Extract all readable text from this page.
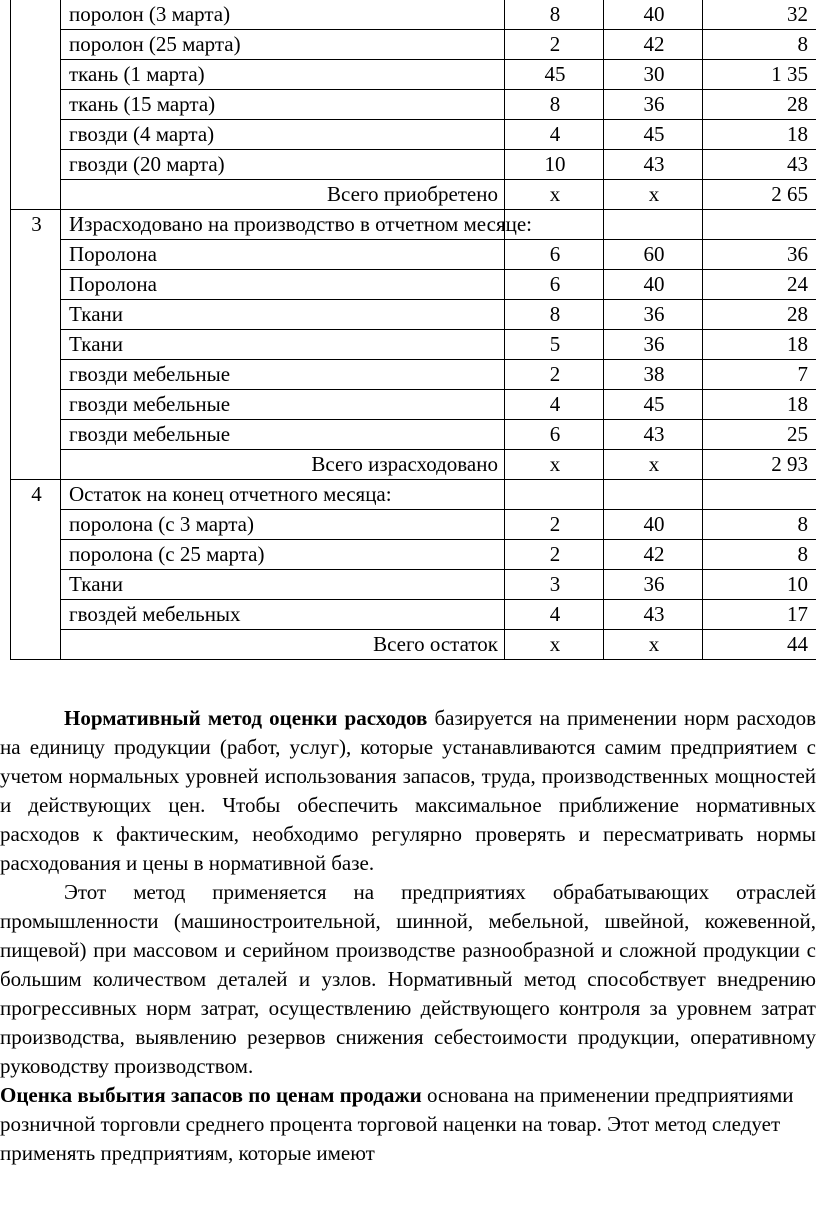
	поролон (3 марта)	8	40	32
	поролон (25 марта)	2	42	8
	ткань (1 марта)	45	30	1 35
	ткань (15 марта)	8	36	28
	гвозди (4 марта)	4	45	18
	гвозди (20 марта)	10	43	43
	Всего приобретено	х	х	2 65
3	Израсходовано на производство в отчетном месяце:			
	Поролона	6	60	36
	Поролона	6	40	24
	Ткани	8	36	28
	Ткани	5	36	18
	гвозди мебельные	2	38	7
	гвозди мебельные	4	45	18
	гвозди мебельные	6	43	25
	Всего израсходовано	х	х	2 93
4	Остаток на конец отчетного месяца:			
	поролона (с 3 марта)	2	40	8
	поролона (с 25 марта)	2	42	8
	Ткани	3	36	10
	гвоздей мебельных	4	43	17
	Всего остаток	х	х	44

Нормативный метод оценки расходов базируется на применении норм расходов на единицу продукции (работ, услуг), которые устанавливаются самим предприятием с учетом нормальных уровней использования запасов, труда, производственных мощностей и действующих цен. Чтобы обеспечить максимальное приближение нормативных расходов к фактическим, необходимо регулярно проверять и пересматривать нормы расходования и цены в нормативной базе.

Этот метод применяется на предприятиях обрабатывающих отраслей промышленности (машиностроительной, шинной, мебельной, швейной, кожевенной, пищевой) при массовом и серийном производстве разнообразной и сложной продукции с большим количеством деталей и узлов. Нормативный метод способствует внедрению прогрессивных норм затрат, осуществлению действующего контроля за уровнем затрат производства, выявлению резервов снижения себестоимости продукции, оперативному руководству производством.

Оценка выбытия запасов по ценам продажи основана на применении предприятиями розничной торговли среднего процента торговой наценки на товар. Этот метод следует применять предприятиям, которые имеют
